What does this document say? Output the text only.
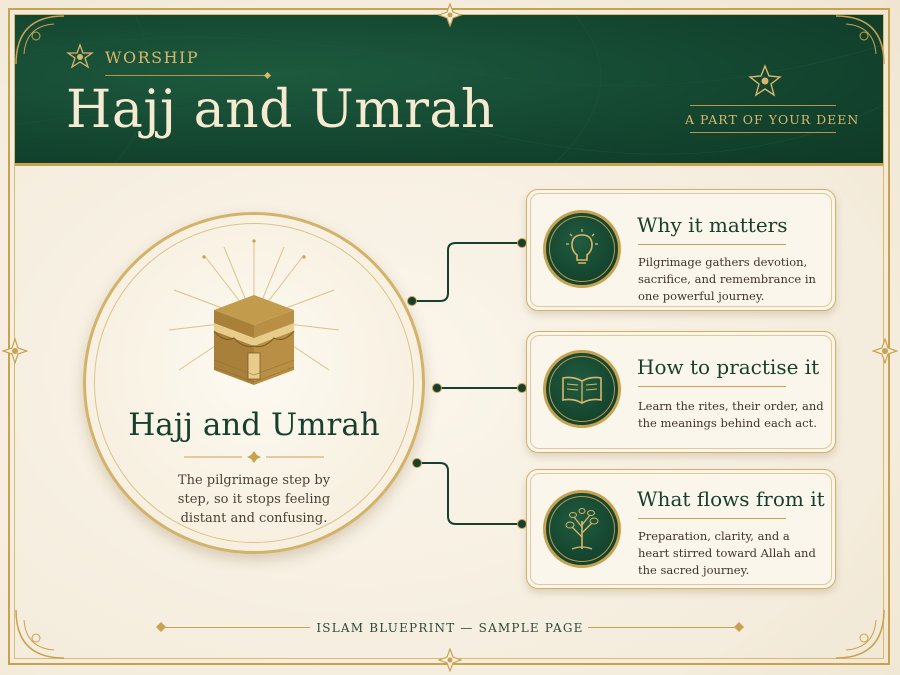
WORSHIP
Hajj and Umrah	A PART OF YOUR DEEN
Hajj and Umrah
The pilgrimage step by step, so it stops feeling distant and confusing.
Why it matters

Pilgrimage gathers devotion, sacrifice, and remembrance in one powerful journey.

How to practise it

Learn the rites, their order, and the meanings behind each act.

What flows from it

Preparation, clarity, and a heart stirred toward Allah and the sacred journey.

ISLAM BLUEPRINT — SAMPLE PAGE
